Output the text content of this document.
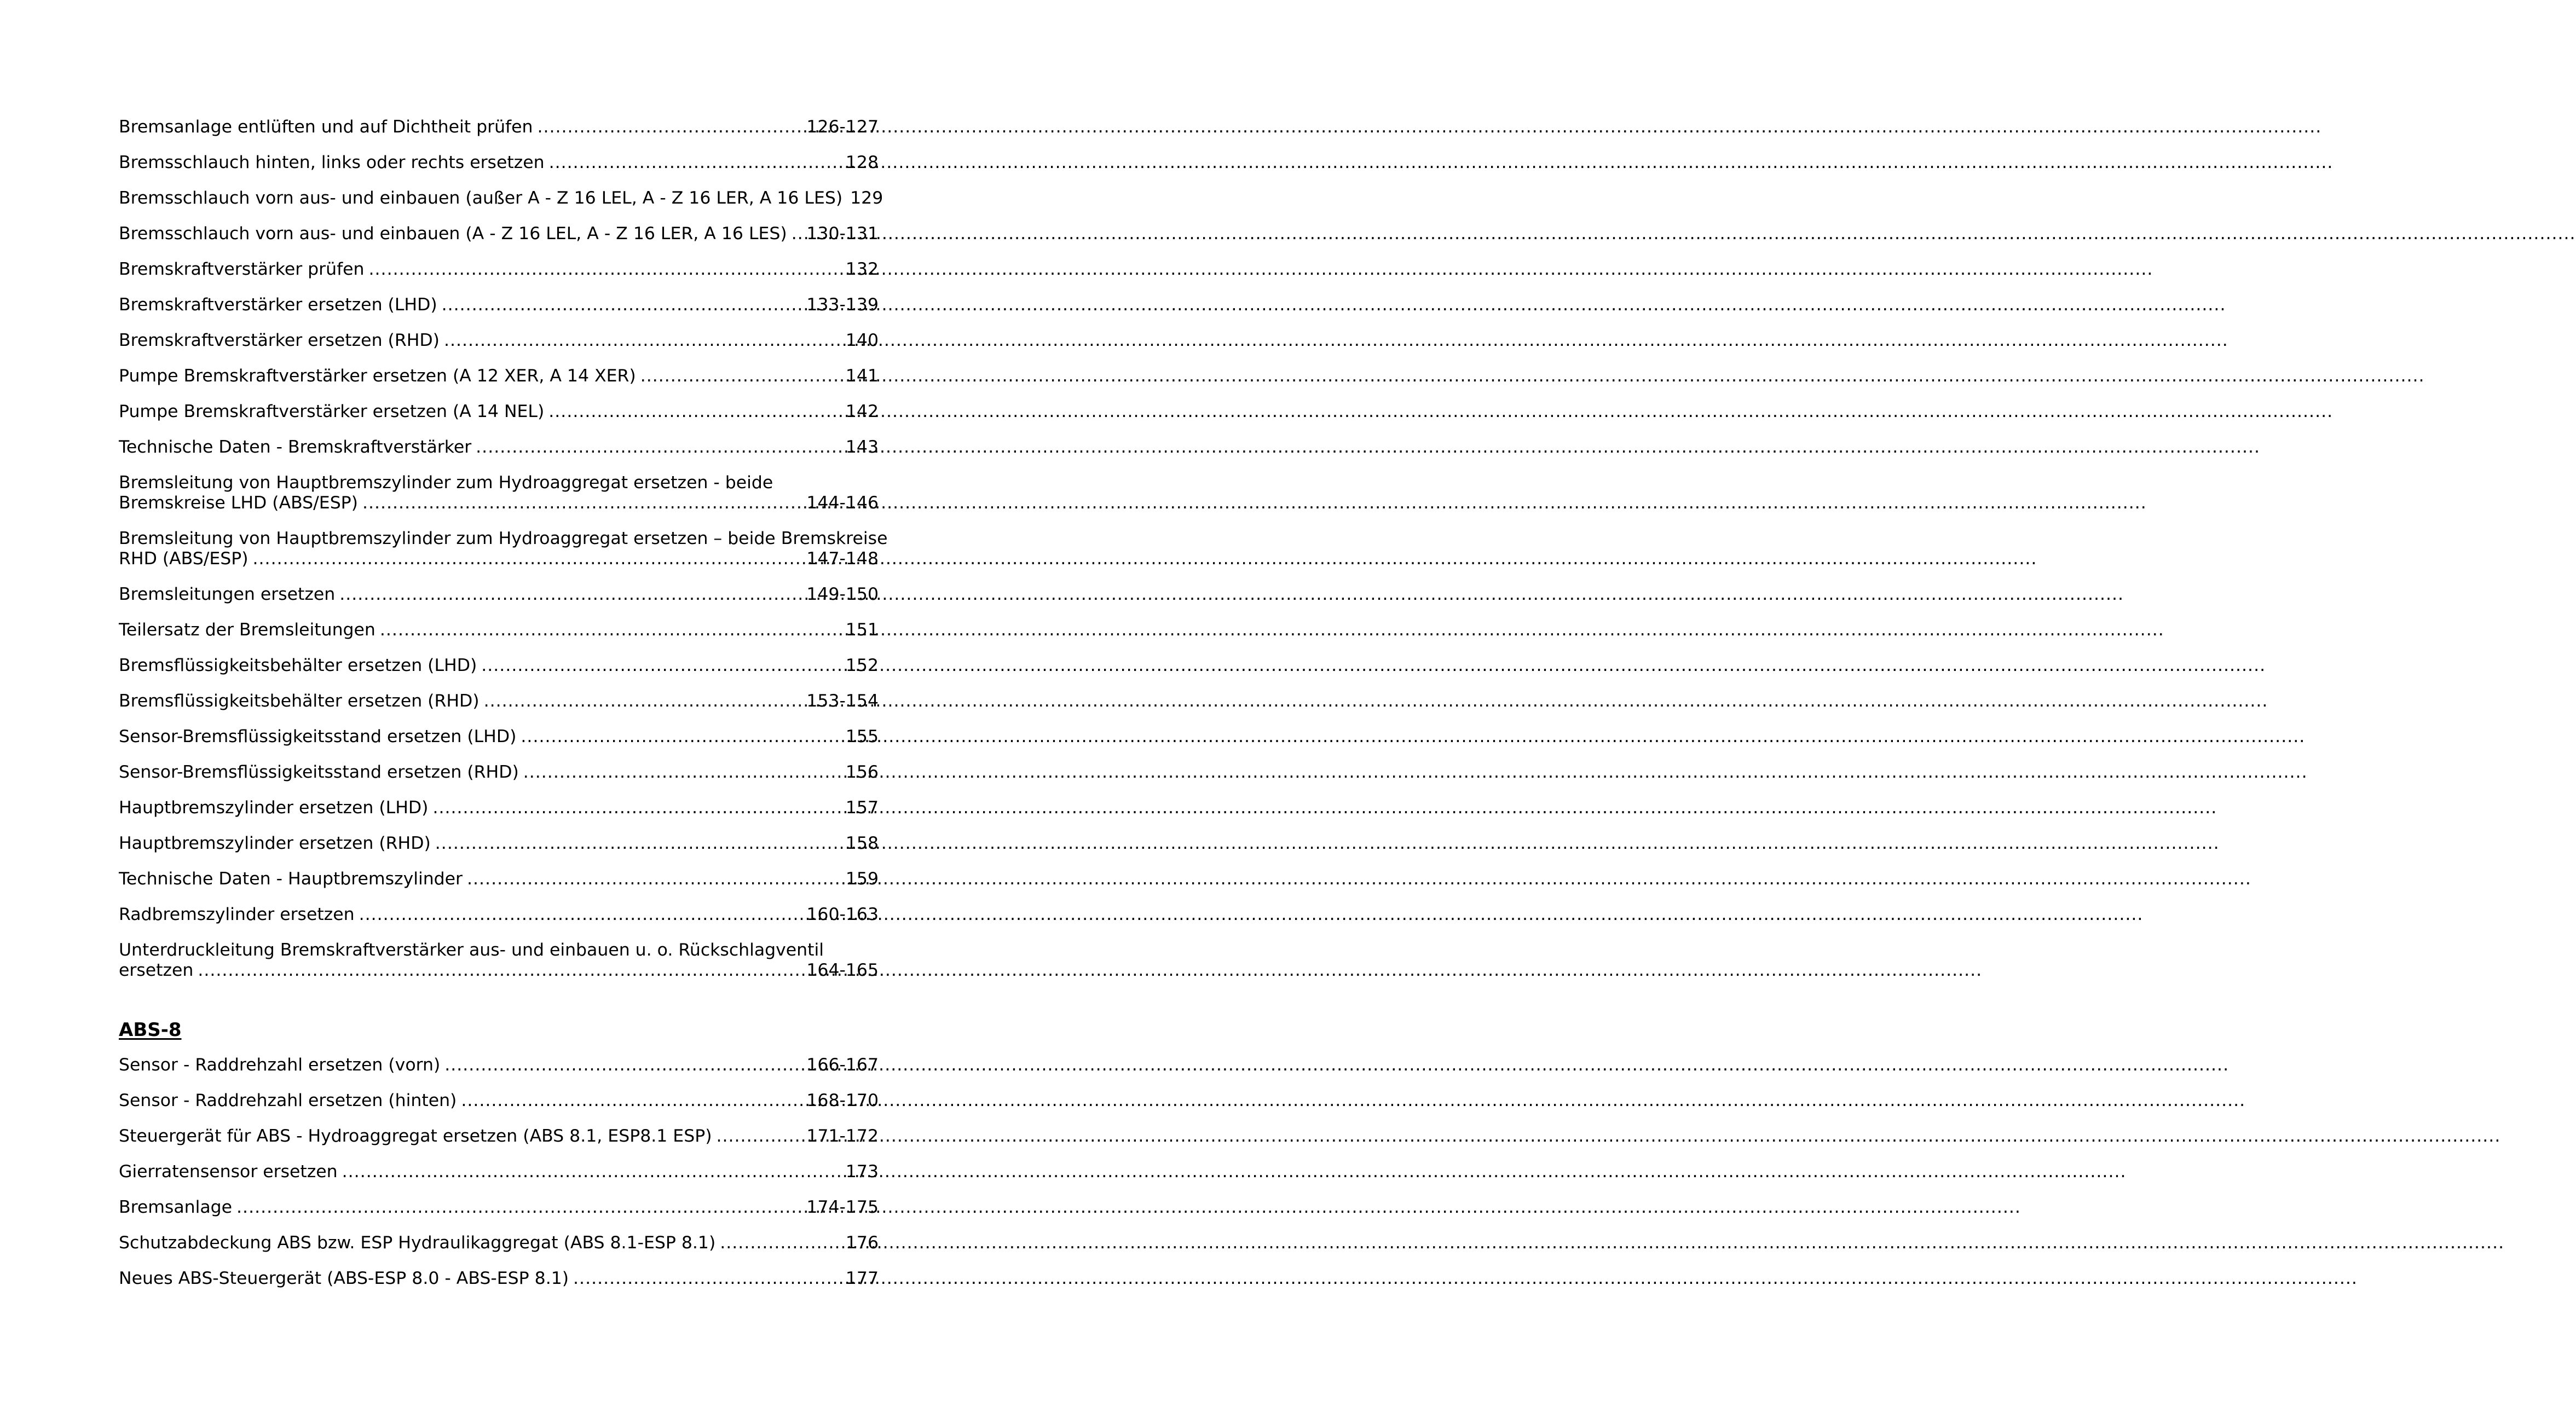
Bremsanlage entlüften und auf Dichtheit prüfen .....	126-127
Bremsschlauch hinten, links oder rechts ersetzen .....	128
Bremsschlauch vorn aus- und einbauen (außer A - Z 16 LEL, A - Z 16 LER, A 16 LES) 129
Bremsschlauch vorn aus- und einbauen (A - Z 16 LEL, A - Z 16 LER, A 16 LES) ..... 130-131
Bremskraftverstärker prüfen .....	132
Bremskraftverstärker ersetzen (LHD) .....	133-139
Bremskraftverstärker ersetzen (RHD) .....	140
Pumpe Bremskraftverstärker ersetzen (A 12 XER, A 14 XER) .....	141
Pumpe Bremskraftverstärker ersetzen (A 14 NEL) .....	142
Technische Daten - Bremskraftverstärker .....	143
Bremsleitung von Hauptbremszylinder zum Hydroaggregat ersetzen - beide
Bremskreise LHD (ABS/ESP) .....	144-146
Bremsleitung von Hauptbremszylinder zum Hydroaggregat ersetzen – beide Bremskreise
RHD (ABS/ESP) .....	147-148
Bremsleitungen ersetzen .....	149-150
Teilersatz der Bremsleitungen .....	151
Bremsflüssigkeitsbehälter ersetzen (LHD) .....	152
Bremsflüssigkeitsbehälter ersetzen (RHD) .....	153-154
Sensor-Bremsflüssigkeitsstand ersetzen (LHD) .....	155
Sensor-Bremsflüssigkeitsstand ersetzen (RHD) .....	156
Hauptbremszylinder ersetzen (LHD) .....	157
Hauptbremszylinder ersetzen (RHD) .....	158
Technische Daten - Hauptbremszylinder .....	159
Radbremszylinder ersetzen .....	160-163
Unterdruckleitung Bremskraftverstärker aus- und einbauen u. o. Rückschlagventil
ersetzen .....	164-165
ABS-8
Sensor - Raddrehzahl ersetzen (vorn) .....	166-167
Sensor - Raddrehzahl ersetzen (hinten) .....	168-170
Steuergerät für ABS - Hydroaggregat ersetzen (ABS 8.1, ESP8.1 ESP) .....	171-172
Gierratensensor ersetzen .....	173
Bremsanlage .....	174-175
Schutzabdeckung ABS bzw. ESP Hydraulikaggregat (ABS 8.1-ESP 8.1) .....	176
Neues ABS-Steuergerät (ABS-ESP 8.0 - ABS-ESP 8.1) .....	177
